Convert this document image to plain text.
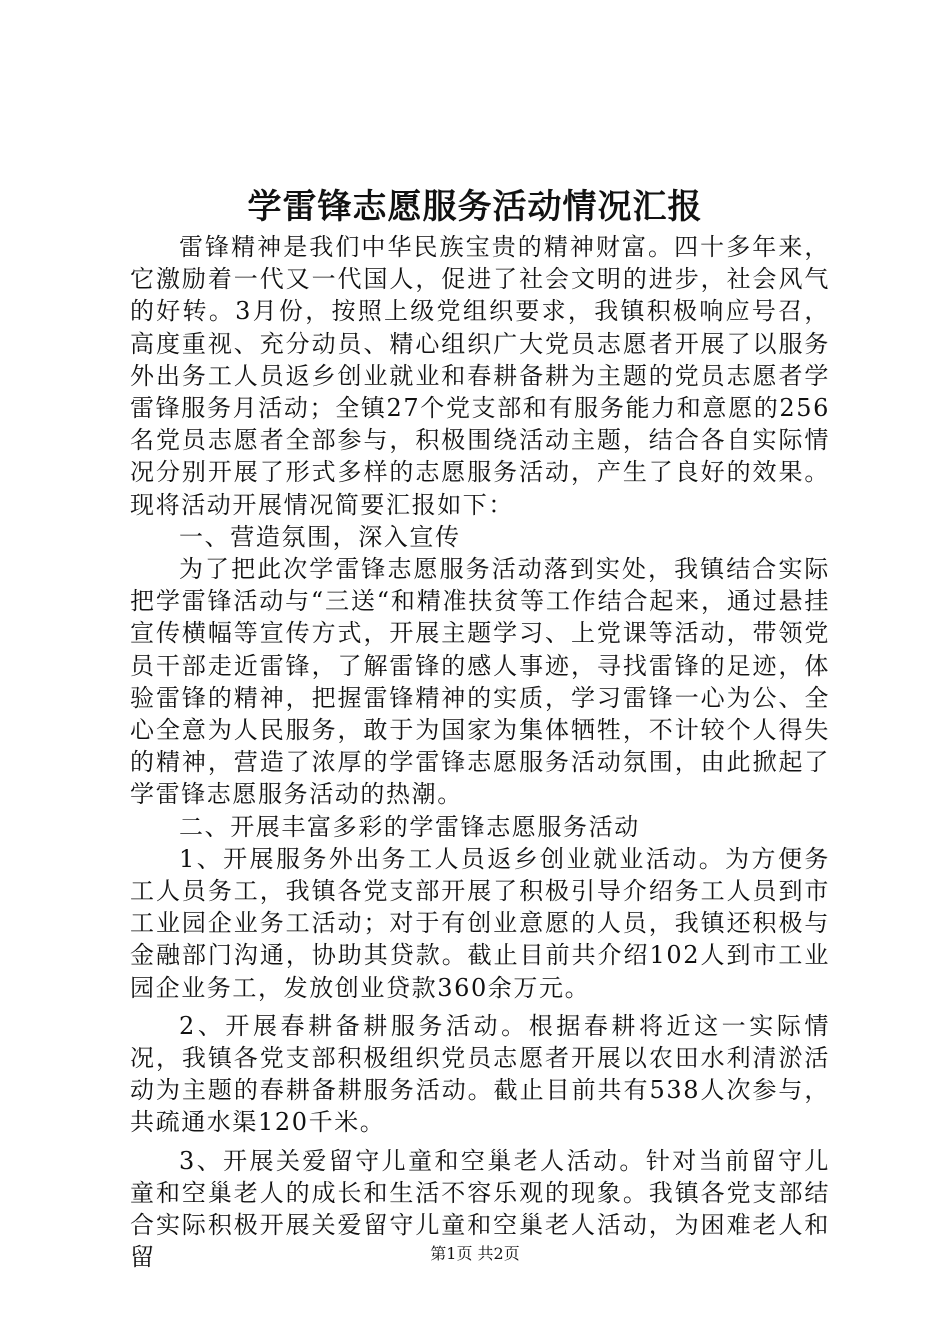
学雷锋志愿服务活动情况汇报

雷锋精神是我们中华民族宝贵的精神财富。四十多年来，它激励着一代又一代国人，促进了社会文明的进步，社会风气的好转。3月份，按照上级党组织要求，我镇积极响应号召，高度重视、充分动员、精心组织广大党员志愿者开展了以服务外出务工人员返乡创业就业和春耕备耕为主题的党员志愿者学雷锋服务月活动；全镇27个党支部和有服务能力和意愿的256名党员志愿者全部参与，积极围绕活动主题，结合各自实际情况分别开展了形式多样的志愿服务活动，产生了良好的效果。现将活动开展情况简要汇报如下：

一、营造氛围，深入宣传

为了把此次学雷锋志愿服务活动落到实处，我镇结合实际把学雷锋活动与“三送“和精准扶贫等工作结合起来，通过悬挂宣传横幅等宣传方式，开展主题学习、上党课等活动，带领党员干部走近雷锋，了解雷锋的感人事迹，寻找雷锋的足迹，体验雷锋的精神，把握雷锋精神的实质，学习雷锋一心为公、全心全意为人民服务，敢于为国家为集体牺牲，不计较个人得失的精神，营造了浓厚的学雷锋志愿服务活动氛围，由此掀起了学雷锋志愿服务活动的热潮。

二、开展丰富多彩的学雷锋志愿服务活动

1、开展服务外出务工人员返乡创业就业活动。为方便务工人员务工，我镇各党支部开展了积极引导介绍务工人员到市工业园企业务工活动；对于有创业意愿的人员，我镇还积极与金融部门沟通，协助其贷款。截止目前共介绍102人到市工业园企业务工，发放创业贷款360余万元。

2、开展春耕备耕服务活动。根据春耕将近这一实际情况，我镇各党支部积极组织党员志愿者开展以农田水利清淤活动为主题的春耕备耕服务活动。截止目前共有538人次参与，共疏通水渠120千米。

3、开展关爱留守儿童和空巢老人活动。针对当前留守儿童和空巢老人的成长和生活不容乐观的现象。我镇各党支部结合实际积极开展关爱留守儿童和空巢老人活动，为困难老人和留	第1页 共2页
